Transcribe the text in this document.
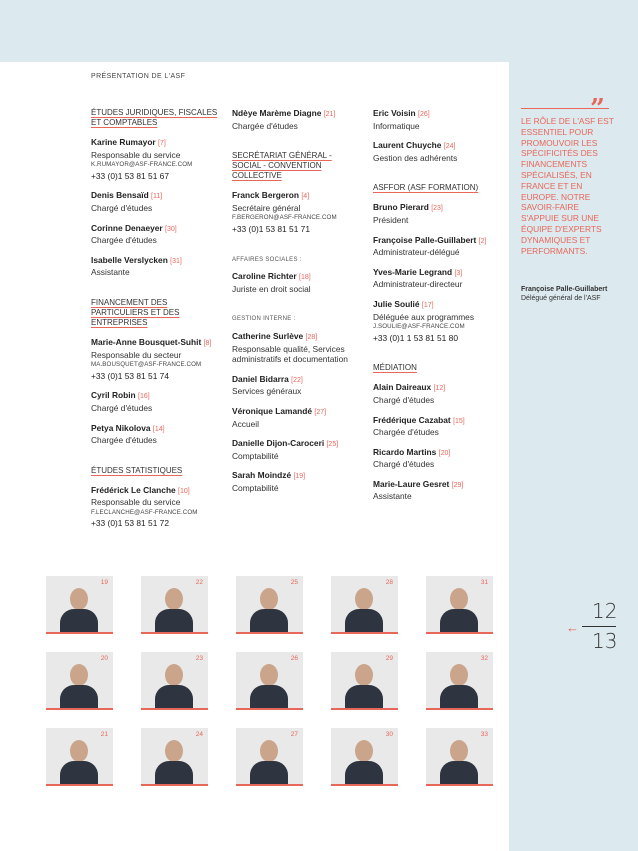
PRÉSENTATION DE L'ASF
ÉTUDES JURIDIQUES, FISCALES ET COMPTABLES
Karine Rumayor [7]
Responsable du service
K.RUMAYOR@ASF-FRANCE.COM
+33 (0)1 53 81 51 67
Denis Bensaïd [11]
Chargé d'études
Corinne Denaeyer [30]
Chargée d'études
Isabelle Verslycken [31]
Assistante
FINANCEMENT DES PARTICULIERS ET DES ENTREPRISES
Marie-Anne Bousquet-Suhit [8]
Responsable du secteur
MA.BOUSQUET@ASF-FRANCE.COM
+33 (0)1 53 81 51 74
Cyril Robin [16]
Chargé d'études
Petya Nikolova [14]
Chargée d'études
ÉTUDES STATISTIQUES
Frédérick Le Clanche [10]
Responsable du service
F.LECLANCHE@ASF-FRANCE.COM
+33 (0)1 53 81 51 72
Ndèye Marème Diagne [21]
Chargée d'études
SECRÉTARIAT GÉNÉRAL - SOCIAL - CONVENTION COLLECTIVE
Franck Bergeron [4]
Secrétaire général
F.BERGERON@ASF-FRANCE.COM
+33 (0)1 53 81 51 71
AFFAIRES SOCIALES :
Caroline Richter [18]
Juriste en droit social
GESTION INTERNE :
Catherine Surlève [28]
Responsable qualité, Services administratifs et documentation
Daniel Bidarra [22]
Services généraux
Véronique Lamandé [27]
Accueil
Danielle Dijon-Caroceri [25]
Comptabilité
Sarah Moindzé [19]
Comptabilité
Eric Voisin [26]
Informatique
Laurent Chuyche [24]
Gestion des adhérents
ASFFOR (ASF FORMATION)
Bruno Pierard [23]
Président
Françoise Palle-Guillabert [2]
Administrateur-délégué
Yves-Marie Legrand [3]
Administrateur-directeur
Julie Soulié [17]
Déléguée aux programmes
J.SOULIE@ASF-FRANCE.COM
+33 (0)1 1 53 81 51 80
MÉDIATION
Alain Daireaux [12]
Chargé d'études
Frédérique Cazabat [15]
Chargée d'études
Ricardo Martins [20]
Chargé d'études
Marie-Laure Gesret [29]
Assistante
”
LE RÔLE DE L'ASF EST ESSENTIEL POUR PROMOUVOIR LES SPÉCIFICITÉS DES FINANCEMENTS SPÉCIALISÉS, EN FRANCE ET EN EUROPE. NOTRE SAVOIR-FAIRE S'APPUIE SUR UNE ÉQUIPE D'EXPERTS DYNAMIQUES ET PERFORMANTS.
Françoise Palle-Guillabert
Délégué général de l'ASF
12
13
←
19	22	25	28	31
20	23	26	29	32
21	24	27	30	33
